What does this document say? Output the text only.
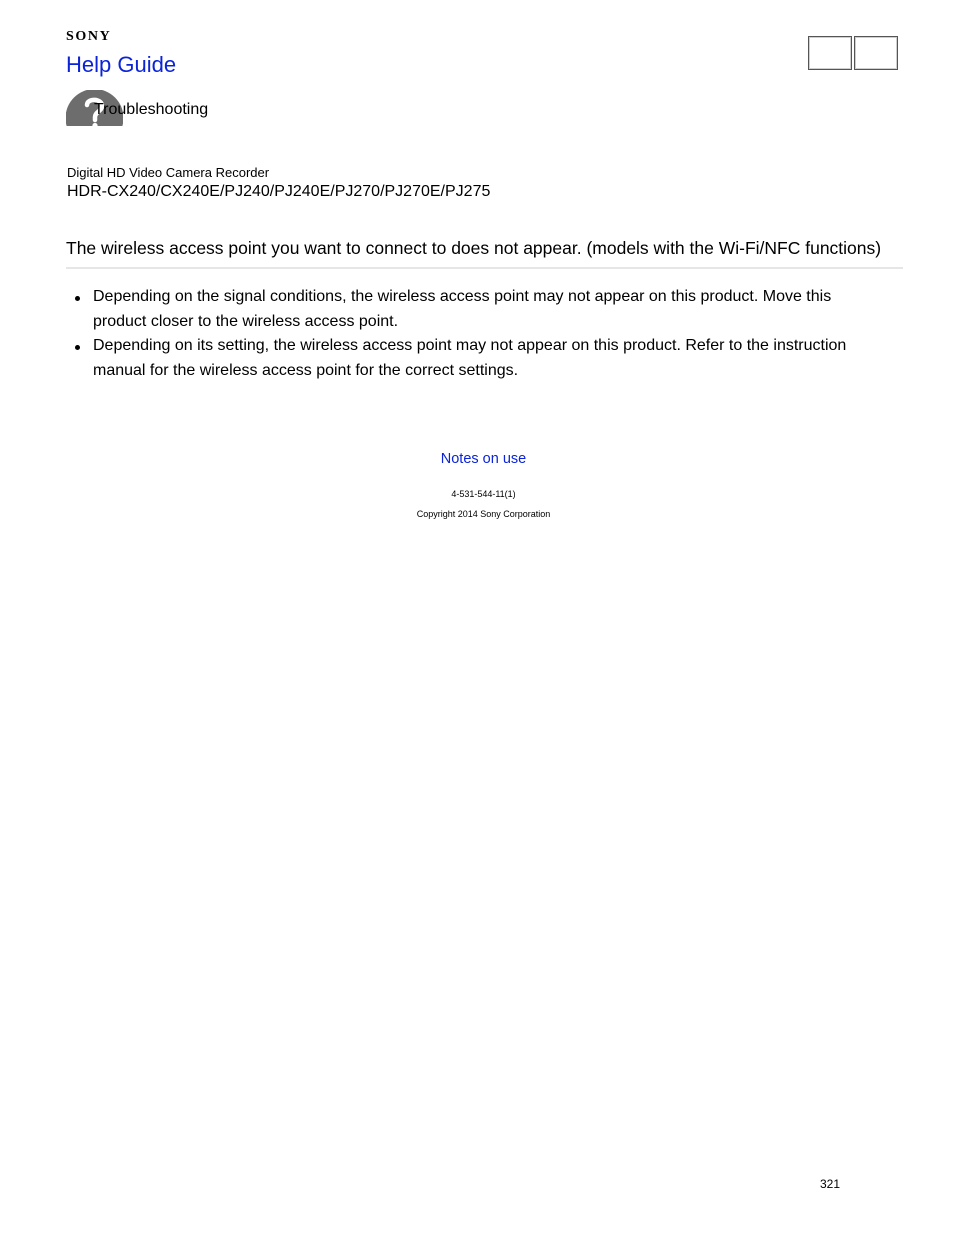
SONY
Help Guide
Troubleshooting
Digital HD Video Camera Recorder
HDR-CX240/CX240E/PJ240/PJ240E/PJ270/PJ270E/PJ275
The wireless access point you want to connect to does not appear. (models with the Wi-Fi/NFC functions)
Depending on the signal conditions, the wireless access point may not appear on this product. Move this product closer to the wireless access point.
Depending on its setting, the wireless access point may not appear on this product. Refer to the instruction manual for the wireless access point for the correct settings.
Notes on use
4-531-544-11(1)
Copyright 2014 Sony Corporation
321
